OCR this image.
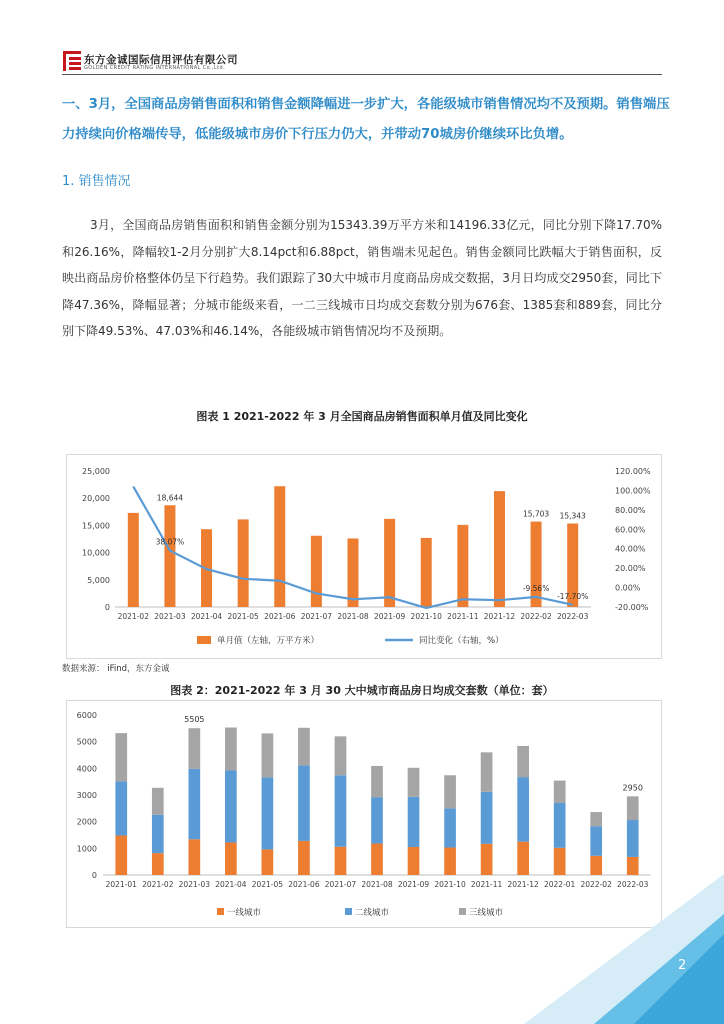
东方金诚国际信用评估有限公司
GOLDEN CREDIT RATING INTERNATIONAL Co.,Ltd.
一、3月，全国商品房销售面积和销售金额降幅进一步扩大，各能级城市销售情况均不及预期。销售端压力持续向价格端传导，低能级城市房价下行压力仍大，并带动70城房价继续环比负增。
1. 销售情况
3月，全国商品房销售面积和销售金额分别为15343.39万平方米和14196.33亿元，同比分别下降17.70%和26.16%，降幅较1-2月分别扩大8.14pct和6.88pct，销售端未见起色。销售金额同比跌幅大于销售面积，反映出商品房价格整体仍呈下行趋势。我们跟踪了30大中城市月度商品房成交数据，3月日均成交2950套，同比下降47.36%，降幅显著；分城市能级来看，一二三线城市日均成交套数分别为676套、1385套和889套，同比分别下降49.53%、47.03%和46.14%，各能级城市销售情况均不及预期。
图表 1 2021-2022 年 3 月全国商品房销售面积单月值及同比变化
0
5,000
10,000
15,000
20,000
25,000
-20.00%
0.00%
20.00%
40.00%
60.00%
80.00%
100.00%
120.00%
2021-02 2021-03 2021-04 2021-05 2021-06 2021-07 2021-08 2021-09 2021-10 2021-11 2021-12 2022-02 2022-03
18,644
38.07%
15,703 15,343
-9.56%
-17.70%
单月值（左轴，万平方米）	同比变化（右轴，%）
数据来源： iFind，东方金诚
图表 2：2021-2022 年 3 月 30 大中城市商品房日均成交套数（单位：套）
0
1000
2000
3000
4000
5000
6000
2021-01 2021-02 2021-03 2021-04 2021-05 2021-06 2021-07 2021-08 2021-09 2021-10 2021-11 2021-12 2022-01 2022-02 2022-03
5505
2950
一线城市	二线城市	三线城市
2
